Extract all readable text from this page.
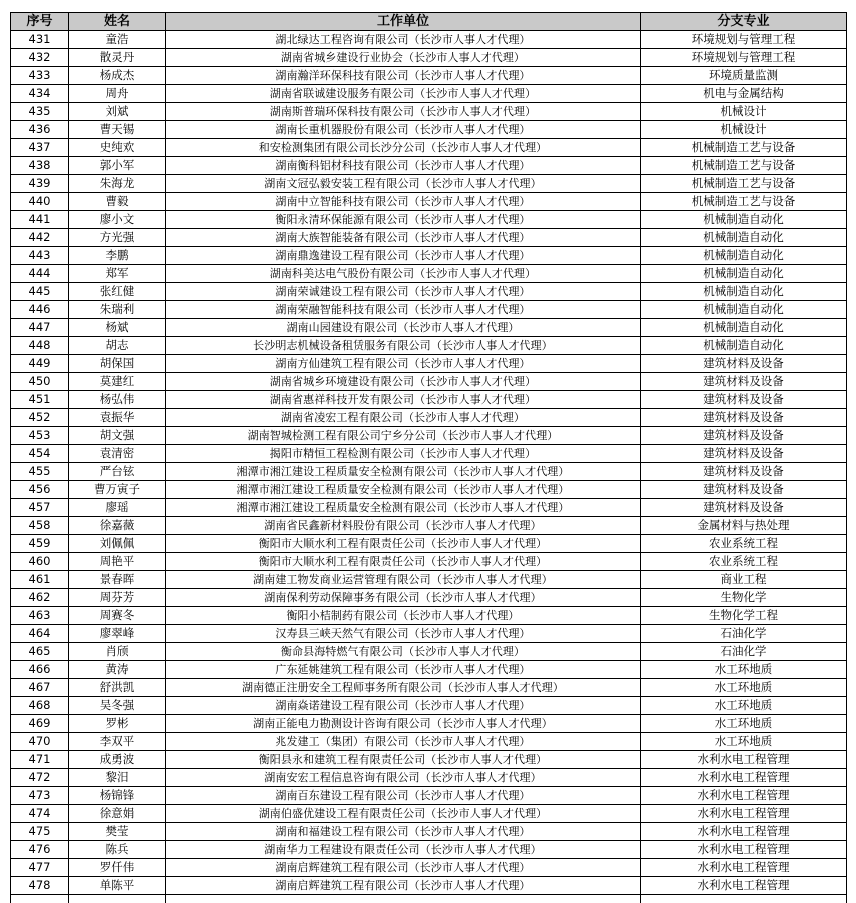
序号	姓名	工作单位	分支专业
431	童浩	湖北绿达工程咨询有限公司（长沙市人事人才代理）	环境规划与管理工程
432	散灵丹	湖南省城乡建设行业协会（长沙市人事人才代理）	环境规划与管理工程
433	杨成杰	湖南瀚洋环保科技有限公司（长沙市人事人才代理）	环境质量监测
434	周舟	湖南省联诚建设服务有限公司（长沙市人事人才代理）	机电与金属结构
435	刘斌	湖南斯普瑞环保科技有限公司（长沙市人事人才代理）	机械设计
436	曹天锡	湖南长重机器股份有限公司（长沙市人事人才代理）	机械设计
437	史纯欢	和安检测集团有限公司长沙分公司（长沙市人事人才代理）	机械制造工艺与设备
438	郭小军	湖南衡科铝材科技有限公司（长沙市人事人才代理）	机械制造工艺与设备
439	朱海龙	湖南文冠弘毅安装工程有限公司（长沙市人事人才代理）	机械制造工艺与设备
440	曹毅	湖南中立智能科技有限公司（长沙市人事人才代理）	机械制造工艺与设备
441	廖小文	衡阳永清环保能源有限公司（长沙市人事人才代理）	机械制造自动化
442	方光强	湖南大族智能装备有限公司（长沙市人事人才代理）	机械制造自动化
443	李鹏	湖南鼎逸建设工程有限公司（长沙市人事人才代理）	机械制造自动化
444	郑军	湖南科美达电气股份有限公司（长沙市人事人才代理）	机械制造自动化
445	张红健	湖南荣诚建设工程有限公司（长沙市人事人才代理）	机械制造自动化
446	朱瑞利	湖南荣融智能科技有限公司（长沙市人事人才代理）	机械制造自动化
447	杨斌	湖南山园建设有限公司（长沙市人事人才代理）	机械制造自动化
448	胡志	长沙明志机械设备租赁服务有限公司（长沙市人事人才代理）	机械制造自动化
449	胡保国	湖南方仙建筑工程有限公司（长沙市人事人才代理）	建筑材料及设备
450	莫建红	湖南省城乡环境建设有限公司（长沙市人事人才代理）	建筑材料及设备
451	杨弘伟	湖南省惠祥科技开发有限公司（长沙市人事人才代理）	建筑材料及设备
452	袁振华	湖南省凌宏工程有限公司（长沙市人事人才代理）	建筑材料及设备
453	胡文强	湖南智城检测工程有限公司宁乡分公司（长沙市人事人才代理）	建筑材料及设备
454	袁清密	揭阳市精恒工程检测有限公司（长沙市人事人才代理）	建筑材料及设备
455	严台铉	湘潭市湘江建设工程质量安全检测有限公司（长沙市人事人才代理）	建筑材料及设备
456	曹万寅子	湘潭市湘江建设工程质量安全检测有限公司（长沙市人事人才代理）	建筑材料及设备
457	廖瑶	湘潭市湘江建设工程质量安全检测有限公司（长沙市人事人才代理）	建筑材料及设备
458	徐嘉薇	湖南省民鑫新材料股份有限公司（长沙市人事人才代理）	金属材料与热处理
459	刘佩佩	衡阳市大顺水利工程有限责任公司（长沙市人事人才代理）	农业系统工程
460	周艳平	衡阳市大顺水利工程有限责任公司（长沙市人事人才代理）	农业系统工程
461	景春晖	湖南建工物发商业运营管理有限公司（长沙市人事人才代理）	商业工程
462	周芬芳	湖南保利劳动保障事务有限公司（长沙市人事人才代理）	生物化学
463	周赛冬	衡阳小桔制药有限公司（长沙市人事人才代理）	生物化学工程
464	廖翠峰	汉寿县三峡天然气有限公司（长沙市人事人才代理）	石油化学
465	肖颀	衡命县海特燃气有限公司（长沙市人事人才代理）	石油化学
466	黄涛	广东延姚建筑工程有限公司（长沙市人事人才代理）	水工环地质
467	舒洪凯	湖南德正注册安全工程师事务所有限公司（长沙市人事人才代理）	水工环地质
468	吴冬强	湖南焱诺建设工程有限公司（长沙市人事人才代理）	水工环地质
469	罗彬	湖南正能电力勘测设计咨询有限公司（长沙市人事人才代理）	水工环地质
470	李双平	兆发建工（集团）有限公司（长沙市人事人才代理）	水工环地质
471	成勇波	衡阳县永和建筑工程有限责任公司（长沙市人事人才代理）	水利水电工程管理
472	黎汨	湖南安宏工程信息咨询有限公司（长沙市人事人才代理）	水利水电工程管理
473	杨锦锋	湖南百东建设工程有限公司（长沙市人事人才代理）	水利水电工程管理
474	徐意娟	湖南伯盛优建设工程有限责任公司（长沙市人事人才代理）	水利水电工程管理
475	樊莹	湖南和福建设工程有限公司（长沙市人事人才代理）	水利水电工程管理
476	陈兵	湖南华力工程建设有限责任公司（长沙市人事人才代理）	水利水电工程管理
477	罗仟伟	湖南启辉建筑工程有限公司（长沙市人事人才代理）	水利水电工程管理
478	单陈平	湖南启辉建筑工程有限公司（长沙市人事人才代理）	水利水电工程管理
